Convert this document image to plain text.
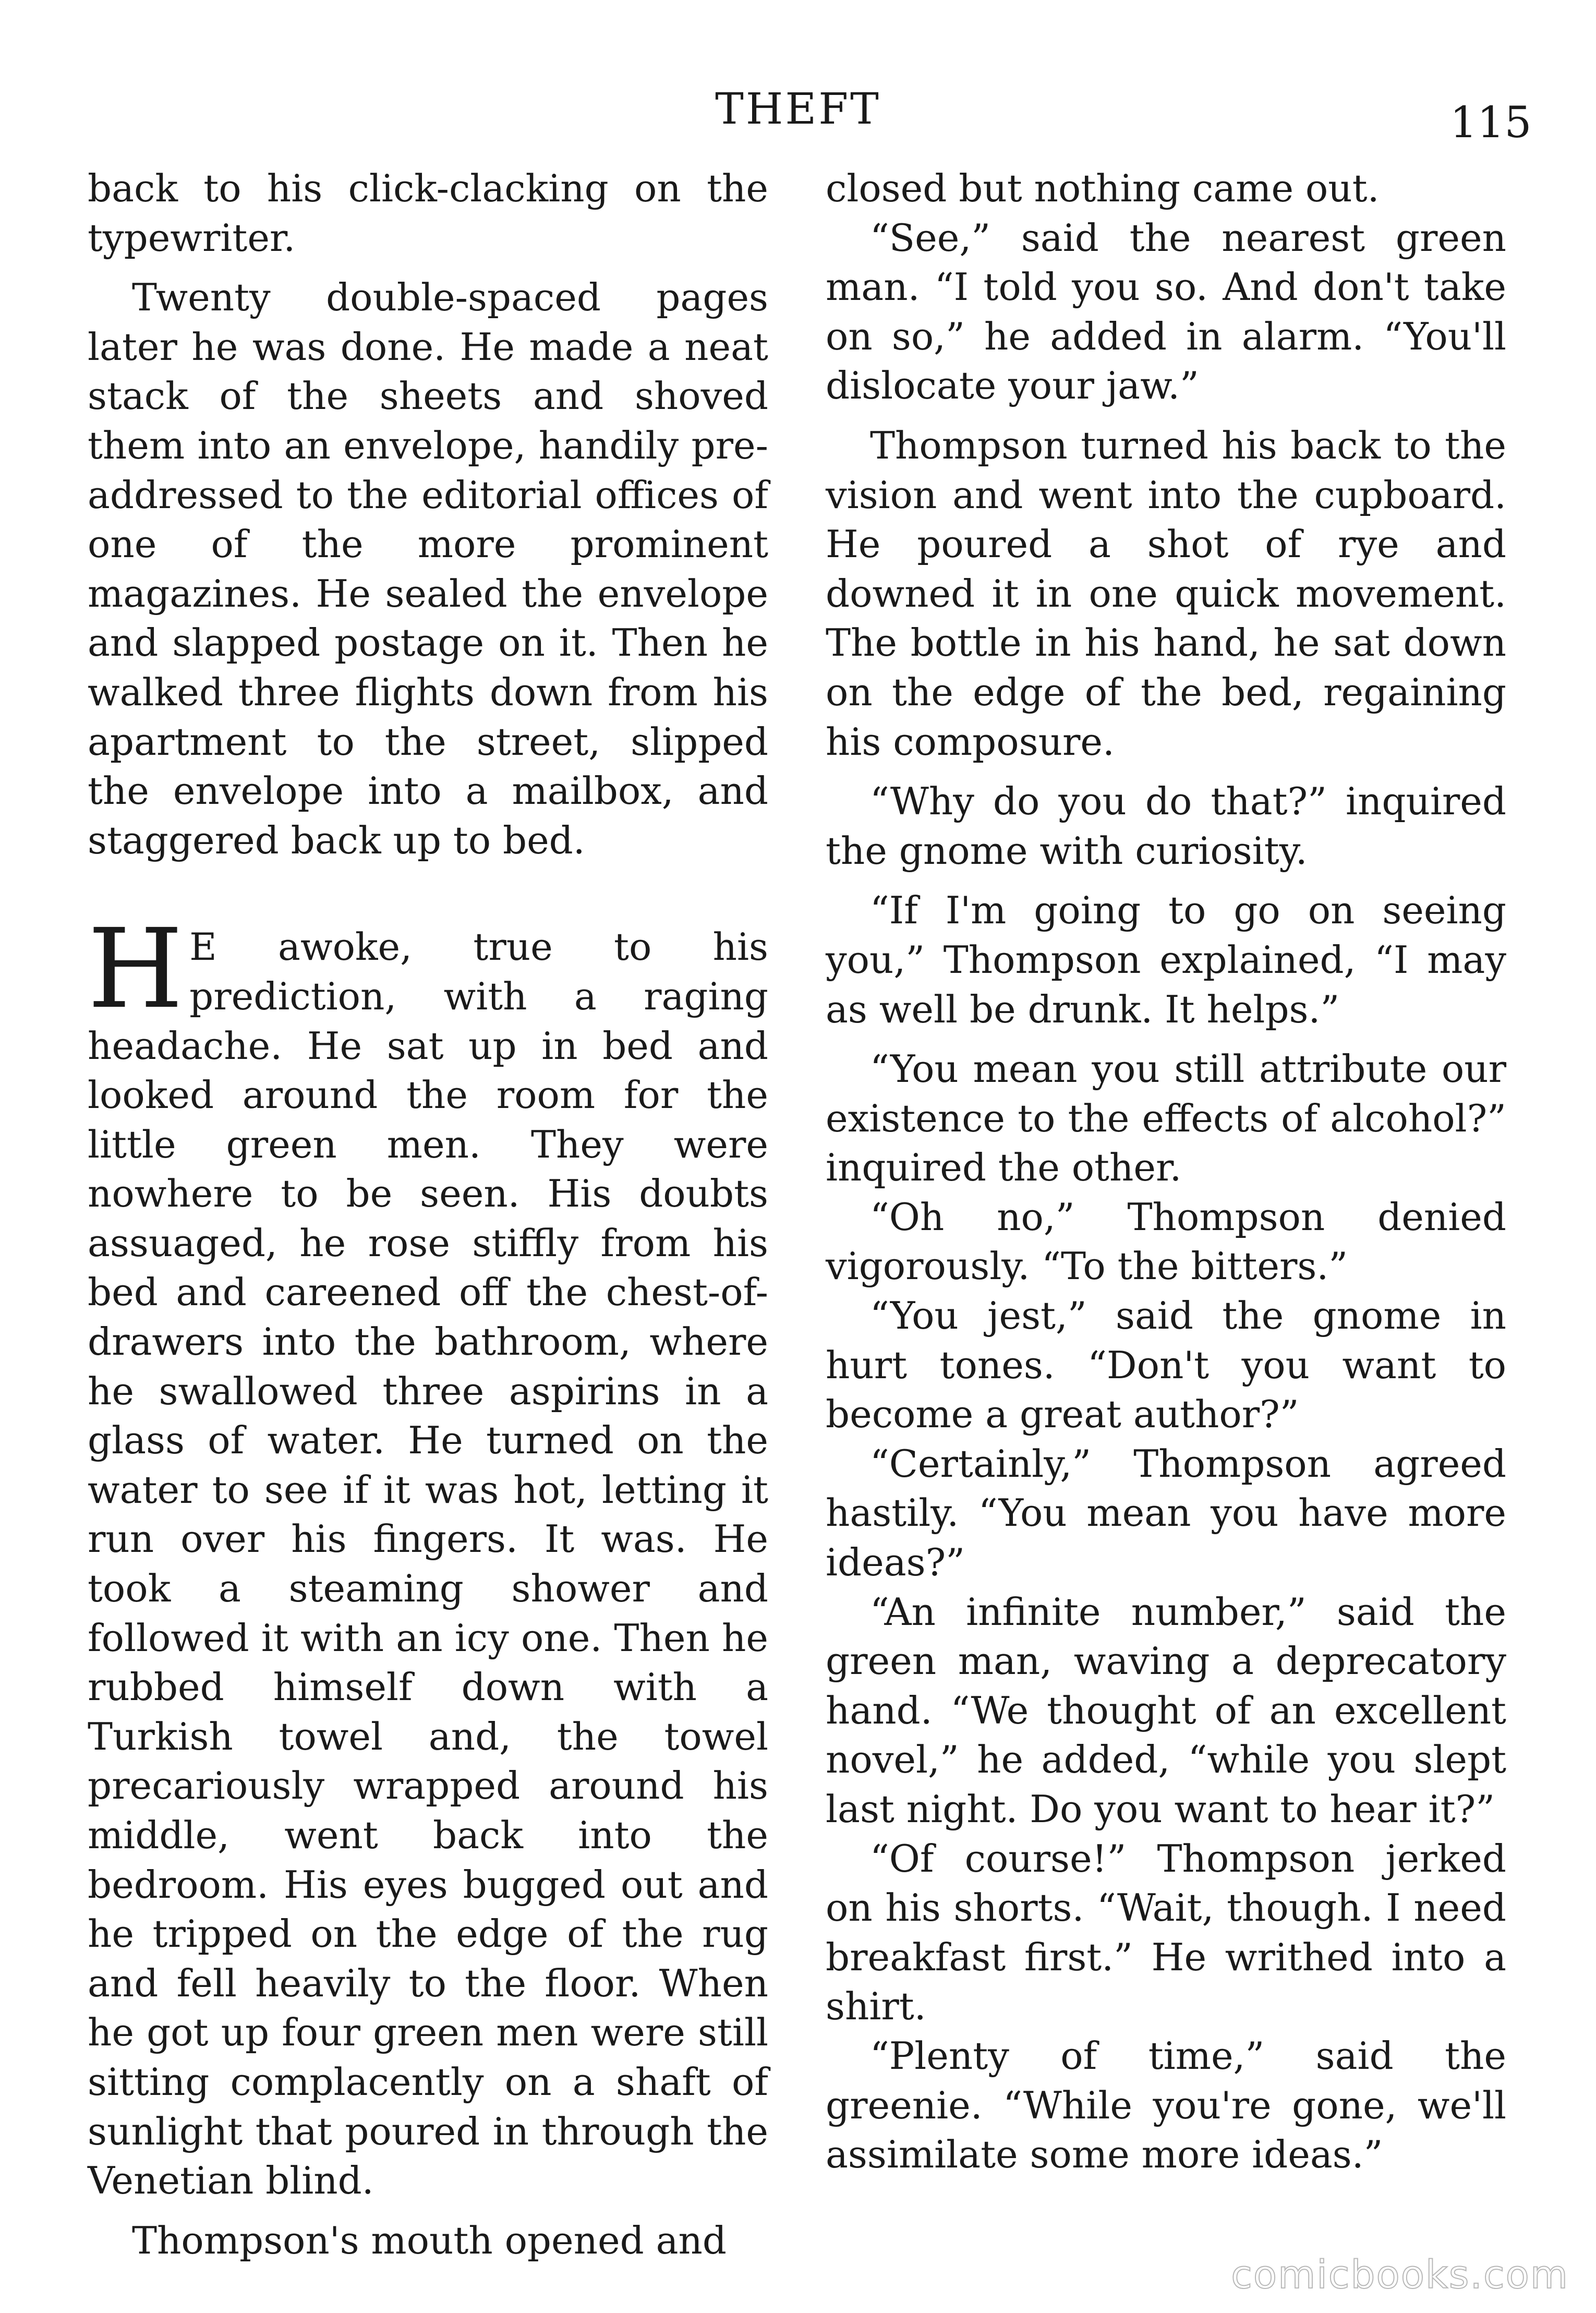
THEFT	115

back to his click-clacking on the typewriter.

Twenty double-spaced pages later he was done. He made a neat stack of the sheets and shoved them into an envelope, handily pre-addressed to the editorial offices of one of the more prominent magazines. He sealed the envelope and slapped postage on it. Then he walked three flights down from his apartment to the street, slipped the envelope into a mailbox, and staggered back up to bed.

H E awoke, true to his prediction, with a raging headache. He sat up in bed and looked around the room for the little green men. They were nowhere to be seen. His doubts assuaged, he rose stiffly from his bed and careened off the chest-of-drawers into the bathroom, where he swallowed three aspirins in a glass of water. He turned on the water to see if it was hot, letting it run over his fingers. It was. He took a steaming shower and followed it with an icy one. Then he rubbed himself down with a Turkish towel and, the towel precariously wrapped around his middle, went back into the bedroom. His eyes bugged out and he tripped on the edge of the rug and fell heavily to the floor. When he got up four green men were still sitting complacently on a shaft of sunlight that poured in through the Venetian blind.

Thompson's mouth opened and

closed but nothing came out.

“See,” said the nearest green man. “I told you so. And don't take on so,” he added in alarm. “You'll dislocate your jaw.”

Thompson turned his back to the vision and went into the cupboard. He poured a shot of rye and downed it in one quick movement. The bottle in his hand, he sat down on the edge of the bed, regaining his composure.

“Why do you do that?” inquired the gnome with curiosity.

“If I'm going to go on seeing you,” Thompson explained, “I may as well be drunk. It helps.”

“You mean you still attribute our existence to the effects of alcohol?” inquired the other.

“Oh no,” Thompson denied vigorously. “To the bitters.”

“You jest,” said the gnome in hurt tones. “Don't you want to become a great author?”

“Certainly,” Thompson agreed hastily. “You mean you have more ideas?”

“An infinite number,” said the green man, waving a deprecatory hand. “We thought of an excellent novel,” he added, “while you slept last night. Do you want to hear it?”

“Of course!” Thompson jerked on his shorts. “Wait, though. I need breakfast first.” He writhed into a shirt.

“Plenty of time,” said the greenie. “While you're gone, we'll assimilate some more ideas.”

comicbooks.com
